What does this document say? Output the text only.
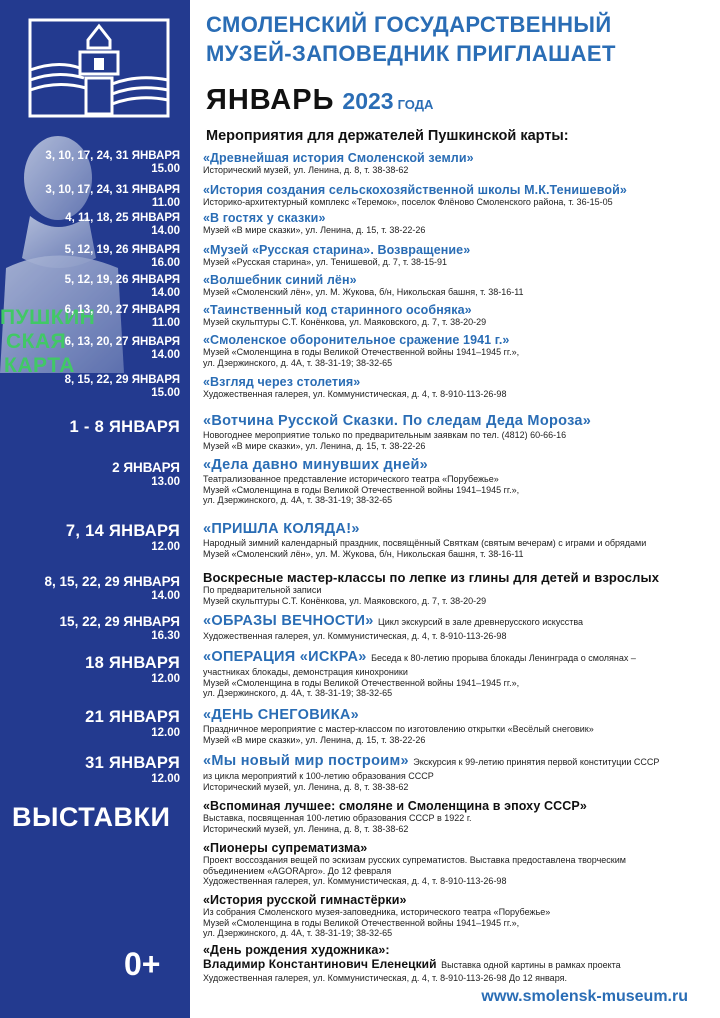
ПУШКИН
СКАЯ
КАРТА
3, 10, 17, 24, 31 ЯНВАРЯ
15.00
3, 10, 17, 24, 31 ЯНВАРЯ
11.00
4, 11, 18, 25 ЯНВАРЯ
14.00
5, 12, 19, 26 ЯНВАРЯ
16.00
5, 12, 19, 26 ЯНВАРЯ
14.00
6, 13, 20, 27 ЯНВАРЯ
11.00
6, 13, 20, 27 ЯНВАРЯ
14.00
8, 15, 22, 29 ЯНВАРЯ
15.00
1 - 8 ЯНВАРЯ
2 ЯНВАРЯ
13.00
7, 14 ЯНВАРЯ
12.00
8, 15, 22, 29 ЯНВАРЯ
14.00
15, 22, 29 ЯНВАРЯ
16.30
18 ЯНВАРЯ
12.00
21 ЯНВАРЯ
12.00
31 ЯНВАРЯ
12.00
ВЫСТАВКИ
0+
СМОЛЕНСКИЙ ГОСУДАРСТВЕННЫЙ
МУЗЕЙ-ЗАПОВЕДНИК ПРИГЛАШАЕТ
ЯНВАРЬ 2023 ГОДА
Мероприятия для держателей Пушкинской карты:
«Древнейшая история Смоленской земли»
Исторический музей, ул. Ленина, д. 8, т. 38-38-62
«История создания сельскохозяйственной школы М.К.Тенишевой»
Историко-архитектурный комплекс «Теремок», поселок Флёново Смоленского района, т. 36-15-05
«В гостях у сказки»
Музей «В мире сказки», ул. Ленина, д. 15, т. 38-22-26
«Музей «Русская старина». Возвращение»
Музей «Русская старина», ул. Тенишевой, д. 7, т. 38-15-91
«Волшебник синий лён»
Музей «Смоленский лён», ул. М. Жукова, б/н, Никольская башня, т. 38-16-11
«Таинственный код старинного особняка»
Музей скульптуры С.Т. Конёнкова, ул. Маяковского, д. 7, т. 38-20-29
«Смоленское оборонительное сражение 1941 г.»
Музей «Смоленщина в годы Великой Отечественной войны 1941–1945 гг.»,
ул. Дзержинского, д. 4А, т. 38-31-19; 38-32-65
«Взгляд через столетия»
Художественная галерея, ул. Коммунистическая, д. 4, т. 8-910-113-26-98
«Вотчина Русской Сказки. По следам Деда Мороза»
Новогоднее мероприятие только по предварительным заявкам по тел. (4812) 60-66-16
Музей «В мире сказки», ул. Ленина, д. 15, т. 38-22-26
«Дела давно минувших дней»
Театрализованное представление исторического театра «Порубежье»
Музей «Смоленщина в годы Великой Отечественной войны 1941–1945 гг.»,
ул. Дзержинского, д. 4А, т. 38-31-19; 38-32-65
«ПРИШЛА КОЛЯДА!»
Народный зимний календарный праздник, посвящённый Святкам (святым вечерам) с играми и обрядами
Музей «Смоленский лён», ул. М. Жукова, б/н, Никольская башня, т. 38-16-11
Воскресные мастер-классы по лепке из глины для детей и взрослых
По предварительной записи
Музей скульптуры С.Т. Конёнкова, ул. Маяковского, д. 7, т. 38-20-29
«ОБРАЗЫ ВЕЧНОСТИ» Цикл экскурсий в зале древнерусского искусства
Художественная галерея, ул. Коммунистическая, д. 4, т. 8-910-113-26-98
«ОПЕРАЦИЯ «ИСКРА» Беседа к 80-летию прорыва блокады Ленинграда о смолянах –
участниках блокады, демонстрация кинохроники
Музей «Смоленщина в годы Великой Отечественной войны 1941–1945 гг.»,
ул. Дзержинского, д. 4А, т. 38-31-19; 38-32-65
«ДЕНЬ СНЕГОВИКА»
Праздничное мероприятие с мастер-классом по изготовлению открытки «Весёлый снеговик»
Музей «В мире сказки», ул. Ленина, д. 15, т. 38-22-26
«Мы новый мир построим» Экскурсия к 99-летию принятия первой конституции СССР
из цикла мероприятий к 100-летию образования СССР
Исторический музей, ул. Ленина, д. 8, т. 38-38-62
«Вспоминая лучшее: смоляне и Смоленщина в эпоху СССР»
Выставка, посвященная 100-летию образования СССР в 1922 г.
Исторический музей, ул. Ленина, д. 8, т. 38-38-62
«Пионеры супрематизма»
Проект воссоздания вещей по эскизам русских супрематистов. Выставка предоставлена творческим
объединением «AGORApro». До 12 февраля
Художественная галерея, ул. Коммунистическая, д. 4, т. 8-910-113-26-98
«История русской гимнастёрки»
Из собрания Смоленского музея-заповедника, исторического театра «Порубежье»
Музей «Смоленщина в годы Великой Отечественной войны 1941–1945 гг.»,
ул. Дзержинского, д. 4А, т. 38-31-19; 38-32-65
«День рождения художника»:
Владимир Константинович Еленецкий Выставка одной картины в рамках проекта
Художественная галерея, ул. Коммунистическая, д. 4, т. 8-910-113-26-98 До 12 января.
www.smolensk-museum.ru
